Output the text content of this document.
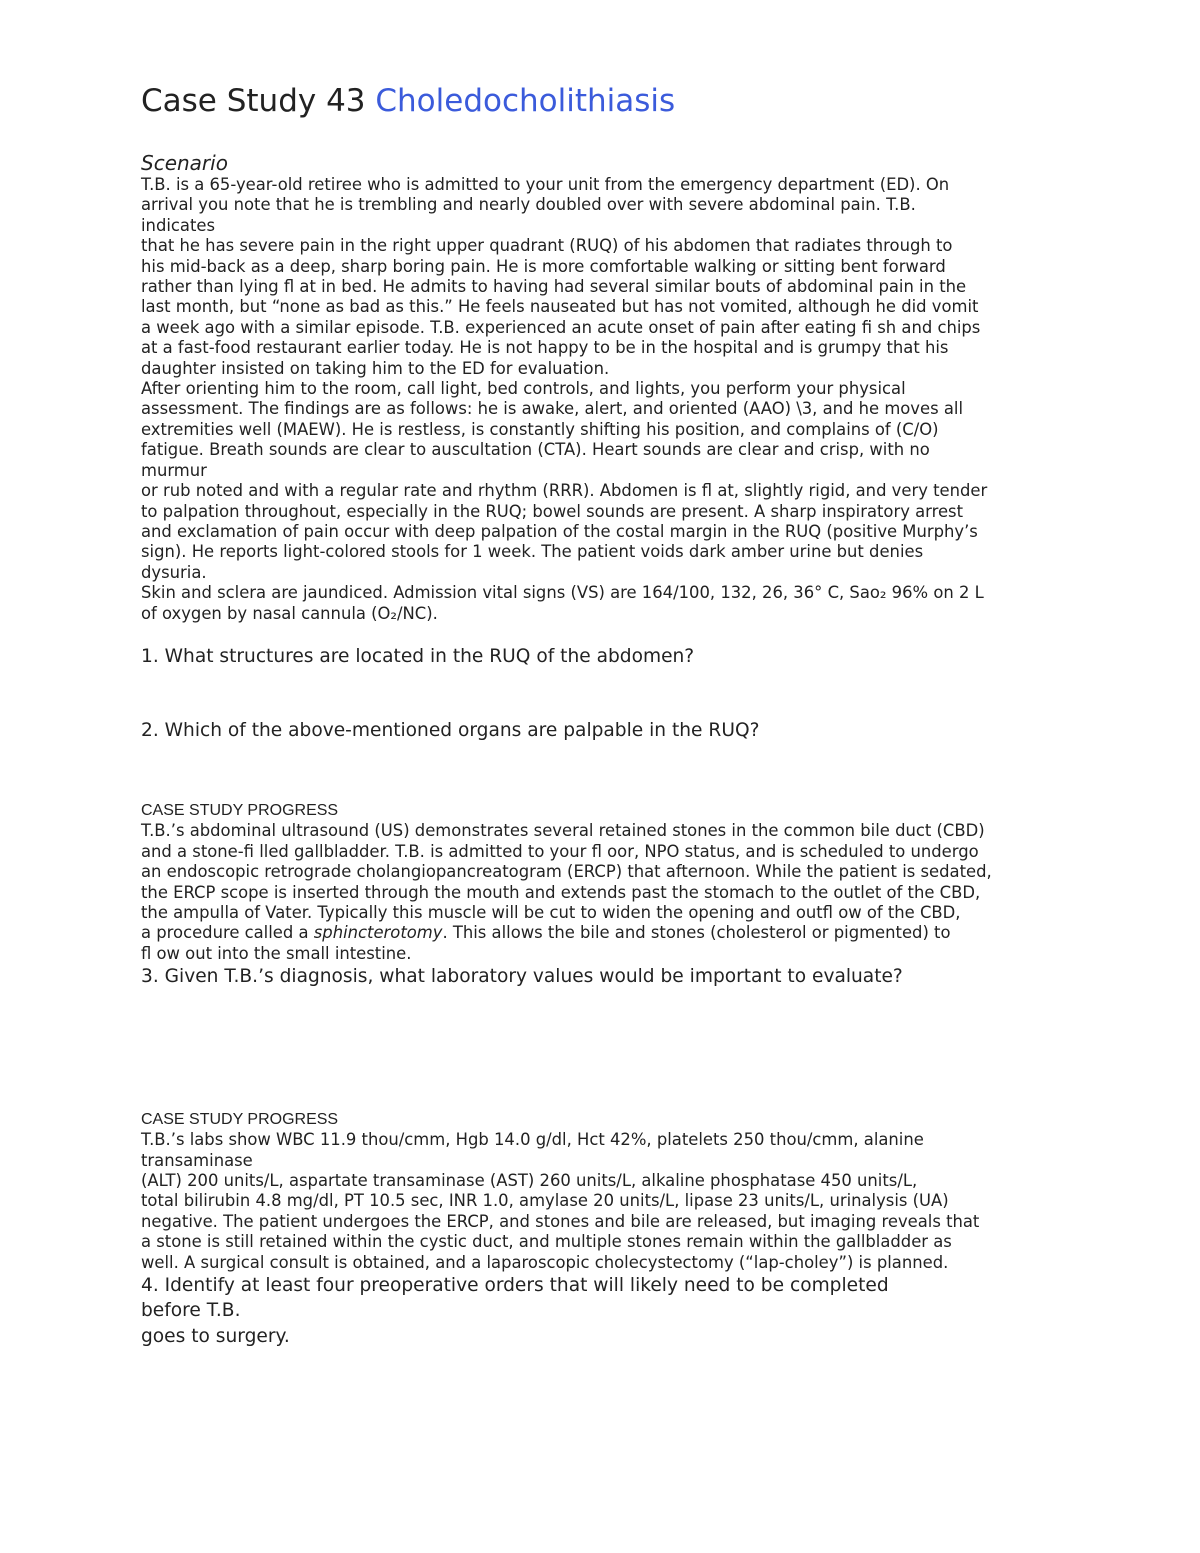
Case Study 43 Choledocholithiasis
Scenario

T.B. is a 65-year-old retiree who is admitted to your unit from the emergency department (ED). On
arrival you note that he is trembling and nearly doubled over with severe abdominal pain. T.B.
indicates
that he has severe pain in the right upper quadrant (RUQ) of his abdomen that radiates through to
his mid-back as a deep, sharp boring pain. He is more comfortable walking or sitting bent forward
rather than lying fl at in bed. He admits to having had several similar bouts of abdominal pain in the
last month, but “none as bad as this.” He feels nauseated but has not vomited, although he did vomit
a week ago with a similar episode. T.B. experienced an acute onset of pain after eating fi sh and chips
at a fast-food restaurant earlier today. He is not happy to be in the hospital and is grumpy that his
daughter insisted on taking him to the ED for evaluation.

After orienting him to the room, call light, bed controls, and lights, you perform your physical
assessment. The findings are as follows: he is awake, alert, and oriented (AAO) \3, and he moves all
extremities well (MAEW). He is restless, is constantly shifting his position, and complains of (C/O)
fatigue. Breath sounds are clear to auscultation (CTA). Heart sounds are clear and crisp, with no
murmur
or rub noted and with a regular rate and rhythm (RRR). Abdomen is fl at, slightly rigid, and very tender
to palpation throughout, especially in the RUQ; bowel sounds are present. A sharp inspiratory arrest
and exclamation of pain occur with deep palpation of the costal margin in the RUQ (positive Murphy’s
sign). He reports light-colored stools for 1 week. The patient voids dark amber urine but denies
dysuria.
Skin and sclera are jaundiced. Admission vital signs (VS) are 164/100, 132, 26, 36° C, Sao₂ 96% on 2 L
of oxygen by nasal cannula (O₂/NC).

1. What structures are located in the RUQ of the abdomen?

2. Which of the above-mentioned organs are palpable in the RUQ?

CASE STUDY PROGRESS

T.B.’s abdominal ultrasound (US) demonstrates several retained stones in the common bile duct (CBD)
and a stone-fi lled gallbladder. T.B. is admitted to your fl oor, NPO status, and is scheduled to undergo
an endoscopic retrograde cholangiopancreatogram (ERCP) that afternoon. While the patient is sedated,
the ERCP scope is inserted through the mouth and extends past the stomach to the outlet of the CBD,
the ampulla of Vater. Typically this muscle will be cut to widen the opening and outfl ow of the CBD,
a procedure called a sphincterotomy. This allows the bile and stones (cholesterol or pigmented) to
fl ow out into the small intestine.

3. Given T.B.’s diagnosis, what laboratory values would be important to evaluate?

CASE STUDY PROGRESS

T.B.’s labs show WBC 11.9 thou/cmm, Hgb 14.0 g/dl, Hct 42%, platelets 250 thou/cmm, alanine
transaminase
(ALT) 200 units/L, aspartate transaminase (AST) 260 units/L, alkaline phosphatase 450 units/L,
total bilirubin 4.8 mg/dl, PT 10.5 sec, INR 1.0, amylase 20 units/L, lipase 23 units/L, urinalysis (UA)
negative. The patient undergoes the ERCP, and stones and bile are released, but imaging reveals that
a stone is still retained within the cystic duct, and multiple stones remain within the gallbladder as
well. A surgical consult is obtained, and a laparoscopic cholecystectomy (“lap-choley”) is planned.

4. Identify at least four preoperative orders that will likely need to be completed
before T.B.
goes to surgery.
